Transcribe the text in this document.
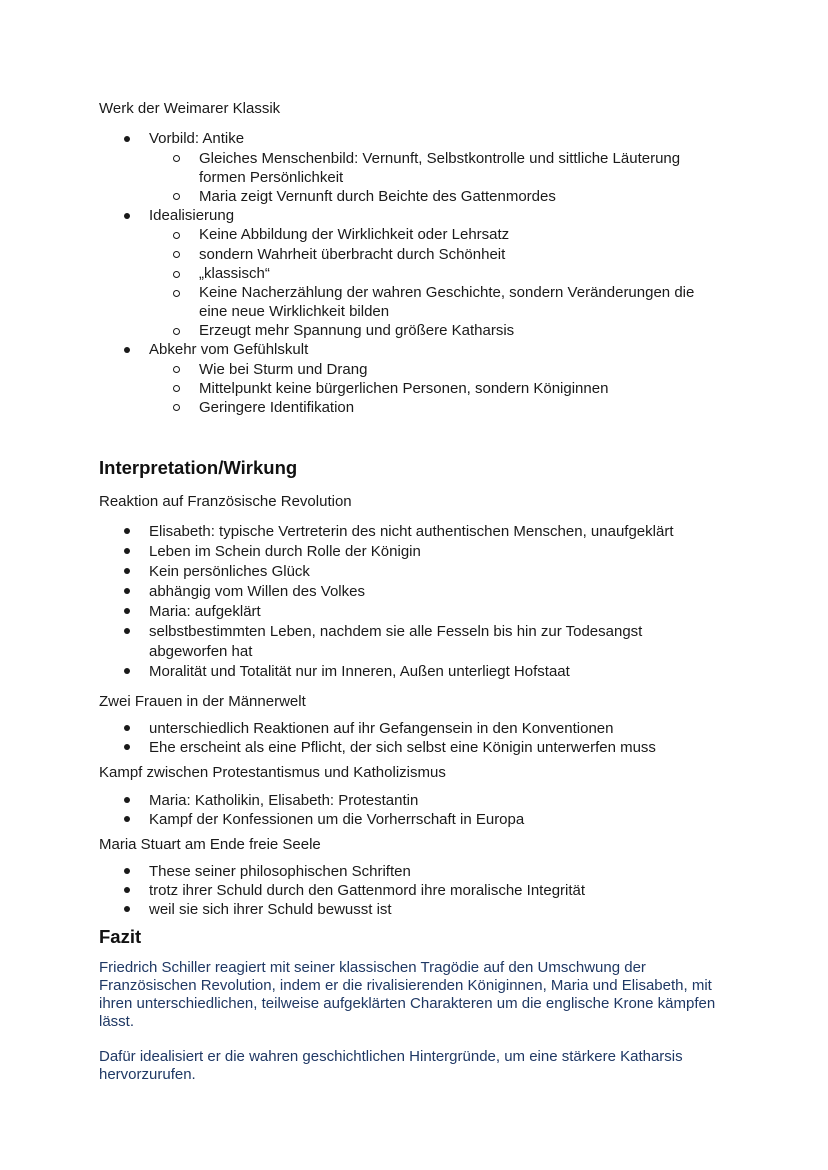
Werk der Weimarer Klassik
Vorbild: Antike
Gleiches Menschenbild: Vernunft, Selbstkontrolle und sittliche Läuterung
formen Persönlichkeit
Maria zeigt Vernunft durch Beichte des Gattenmordes
Idealisierung
Keine Abbildung der Wirklichkeit oder Lehrsatz
sondern Wahrheit überbracht durch Schönheit
„klassisch“
Keine Nacherzählung der wahren Geschichte, sondern Veränderungen die
eine neue Wirklichkeit bilden
Erzeugt mehr Spannung und größere Katharsis
Abkehr vom Gefühlskult
Wie bei Sturm und Drang
Mittelpunkt keine bürgerlichen Personen, sondern Königinnen
Geringere Identifikation
Interpretation/Wirkung
Reaktion auf Französische Revolution
Elisabeth: typische Vertreterin des nicht authentischen Menschen, unaufgeklärt
Leben im Schein durch Rolle der Königin
Kein persönliches Glück
abhängig vom Willen des Volkes
Maria: aufgeklärt
selbstbestimmten Leben, nachdem sie alle Fesseln bis hin zur Todesangst
abgeworfen hat
Moralität und Totalität nur im Inneren, Außen unterliegt Hofstaat
Zwei Frauen in der Männerwelt
unterschiedlich Reaktionen auf ihr Gefangensein in den Konventionen
Ehe erscheint als eine Pflicht, der sich selbst eine Königin unterwerfen muss
Kampf zwischen Protestantismus und Katholizismus
Maria: Katholikin, Elisabeth: Protestantin
Kampf der Konfessionen um die Vorherrschaft in Europa
Maria Stuart am Ende freie Seele
These seiner philosophischen Schriften
trotz ihrer Schuld durch den Gattenmord ihre moralische Integrität
weil sie sich ihrer Schuld bewusst ist
Fazit
Friedrich Schiller reagiert mit seiner klassischen Tragödie auf den Umschwung der
Französischen Revolution, indem er die rivalisierenden Königinnen, Maria und Elisabeth, mit
ihren unterschiedlichen, teilweise aufgeklärten Charakteren um die englische Krone kämpfen
lässt.
Dafür idealisiert er die wahren geschichtlichen Hintergründe, um eine stärkere Katharsis
hervorzurufen.
